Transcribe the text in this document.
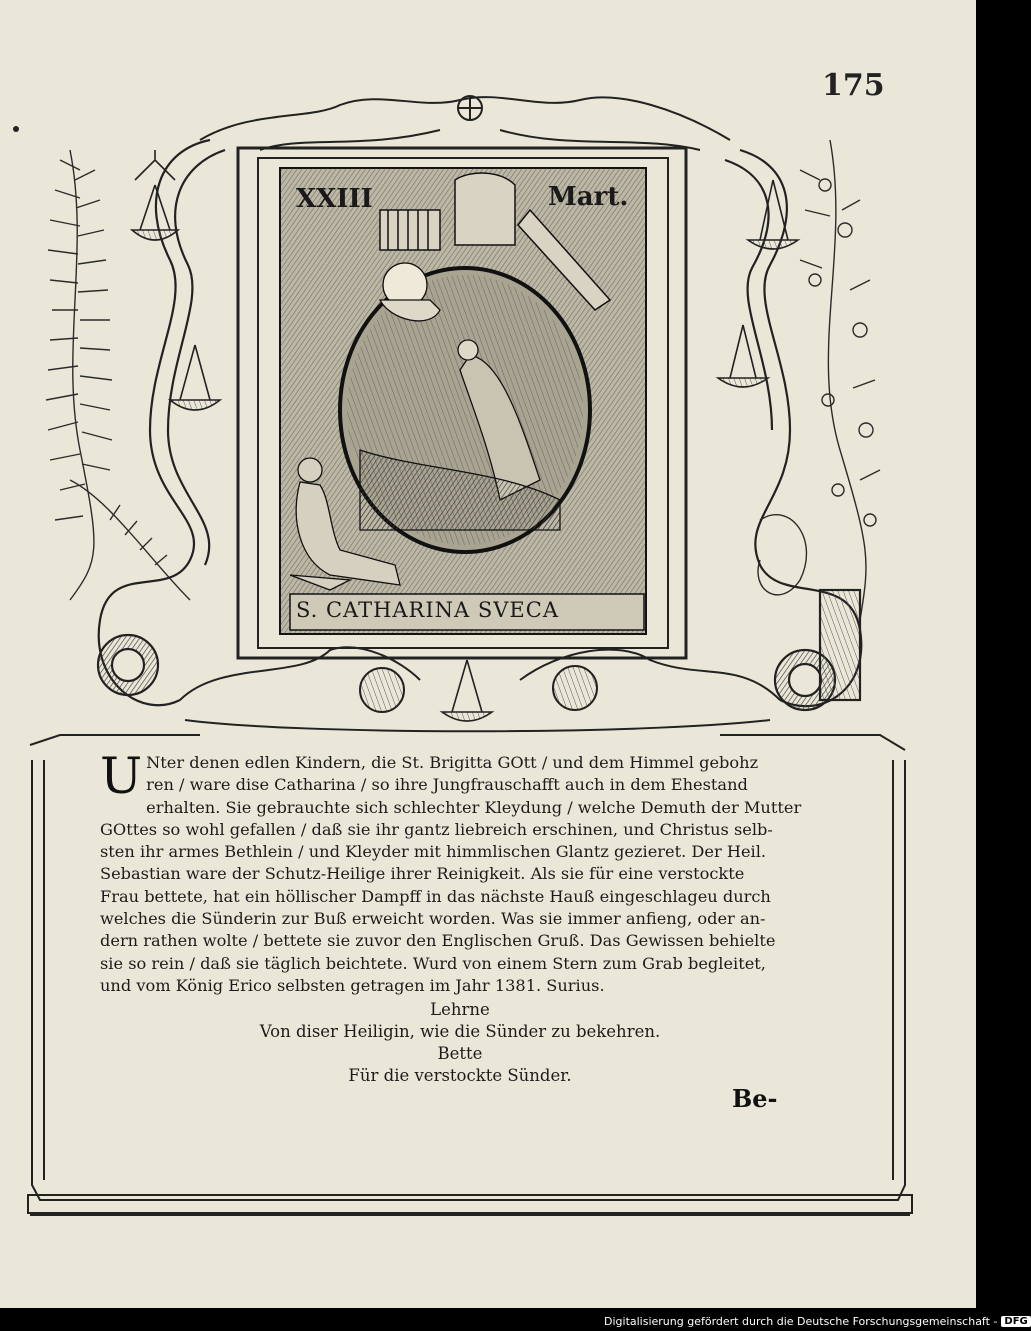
175
XXIII	Mart.
S. CATHARINA SVECA
U Nter denen edlen Kindern, die St. Brigitta GOtt / und dem Himmel gebohz
ren / ware dise Catharina / so ihre Jungfrauschafft auch in dem Ehestand
erhalten. Sie gebrauchte sich schlechter Kleydung / welche Demuth der Mutter
GOttes so wohl gefallen / daß sie ihr gantz liebreich erschinen, und Christus selb-
sten ihr armes Bethlein / und Kleyder mit himmlischen Glantz gezieret. Der Heil.
Sebastian ware der Schutz-Heilige ihrer Reinigkeit. Als sie für eine verstockte
Frau bettete, hat ein höllischer Dampff in das nächste Hauß eingeschlageu durch
welches die Sünderin zur Buß erweicht worden. Was sie immer anfieng, oder an-
dern rathen wolte / bettete sie zuvor den Englischen Gruß. Das Gewissen behielte
sie so rein / daß sie täglich beichtete. Wurd von einem Stern zum Grab begleitet,
und vom König Erico selbsten getragen im Jahr 1381. Surius.
Lehrne
Von diser Heiligin, wie die Sünder zu bekehren.
Bette
Für die verstockte Sünder.
Be-
Digitalisierung gefördert durch die Deutsche Forschungsgemeinschaft - DFG
